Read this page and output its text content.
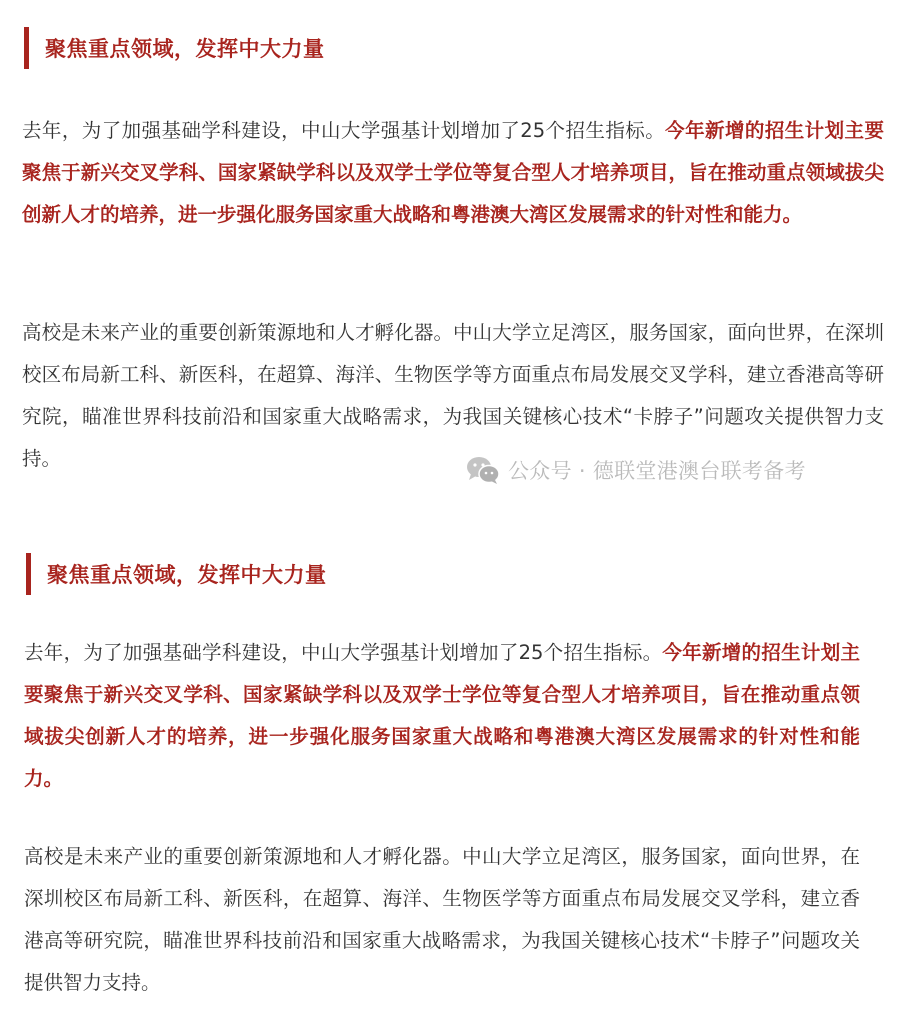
聚焦重点领域，发挥中大力量

去年，为了加强基础学科建设，中山大学强基计划增加了25个招生指标。今年新增的招生计划主要聚焦于新兴交叉学科、国家紧缺学科以及双学士学位等复合型人才培养项目，旨在推动重点领域拔尖创新人才的培养，进一步强化服务国家重大战略和粤港澳大湾区发展需求的针对性和能力。

高校是未来产业的重要创新策源地和人才孵化器。中山大学立足湾区，服务国家，面向世界，在深圳校区布局新工科、新医科，在超算、海洋、生物医学等方面重点布局发展交叉学科，建立香港高等研究院，瞄准世界科技前沿和国家重大战略需求，为我国关键核心技术“卡脖子”问题攻关提供智力支持。

公众号 · 德联堂港澳台联考备考
聚焦重点领域，发挥中大力量

去年，为了加强基础学科建设，中山大学强基计划增加了25个招生指标。今年新增的招生计划主要聚焦于新兴交叉学科、国家紧缺学科以及双学士学位等复合型人才培养项目，旨在推动重点领域拔尖创新人才的培养，进一步强化服务国家重大战略和粤港澳大湾区发展需求的针对性和能力。

高校是未来产业的重要创新策源地和人才孵化器。中山大学立足湾区，服务国家，面向世界，在深圳校区布局新工科、新医科，在超算、海洋、生物医学等方面重点布局发展交叉学科，建立香港高等研究院，瞄准世界科技前沿和国家重大战略需求，为我国关键核心技术“卡脖子”问题攻关提供智力支持。
